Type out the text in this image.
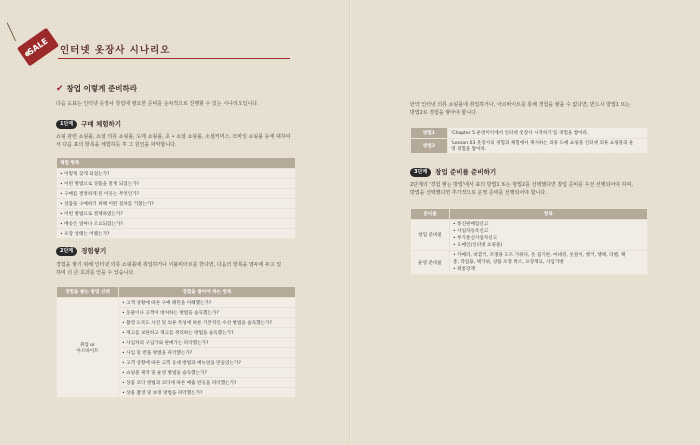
SALE	인터넷 옷장사 시나리오
✔ 창업 이렇게 준비하라
다음 도표는 인터넷 옷장사 창업에 필요한 준비를 순차적으로 진행할 수 있는 시나리오입니다.
1단계 구매 체험하기
쇼핑 관련 쇼핑몰, 쇼셜 의류 쇼핑몰, 도매 쇼핑몰, 초 • 쇼셜 쇼핑몰, 소셜커머스, 모바일 쇼핑몰 등에 대하여
서 다음 표의 항목을 체험하듯 후 그 원인을 파악합니다.
체험 항목
• 이렇게 찾게 되었는가?
• 어떤 방법으로 상품을 알게 되었는가?
• 구매를 결정하게 된 이유는 무엇인가?
• 상품을 구매하기 위해 어떤 절차를 거쳤는가?
• 어떤 방법으로 결제하였는가?
• 배송은 얼마나 소요되었는가?
• 포장 상태는 어땠는가?
2단계 경험쌓기
경험을 쌓기 위해 인터넷 의류 쇼핑몰에 취업하거나 이불비아르를 한다면, 다음의 항목을 염두에 두고 일
하며 더 큰 효과를 얻을 수 있습니다.
경험을 쌓는 방법 선택	경험을 쌓아야 하는 항목

취업 or
아르바이트	• 고객 상황에 따른 구매 패턴을 이해했는가?
	• 동물이나 고객이 대처하는 방법을 습득했는가?
	• 촬영 도록도 사진 및 의류 특성에 따른 기본적인 수선 방법을 습득했는가?
	• 재고를 보관하고 재고를 정리하는 방법을 습득했는가?
	• 사입처의 구입가와 판매가는 파악했는가?
	• 사입 및 반품 방법을 파악했는가?
	• 고객 상황에 따른 고객 응대 방법과 매뉴얼을 만들었는가?
	• 쇼핑몰 제작 및 운영 방법을 습득했는가?
	• 상품 코디 방법과 코디에 따른 매출 반응을 파악했는가?
	• 상품 촬영 및 보정 방법을 파악했는가?
만약 인터넷 의류 쇼핑몰에 취업하거나, 아르바이트를 통해 경험을 쌓을 수 없다면, 반드시 방법1 또는
방법2로 경험을 쌓아야 합니다.
방법1	'Chapter 5 운영이익에서 인터넷 옷장사 시작하기'를 경험을 쌓아라.

방법2	'Lesson 03 옷장사의 경험과 체험에서 제시하는 의류 도매 쇼핑몰 인터넷 의류 쇼핑몰의 운
영 경험을 쌓아라.
3단계 창업 준비를 준비하기
2단계의 '경험 쌓는 방법'에서 표의 방법1 또는 방법2를 선택했다면 창업 준비를 우선 선행되어야 하며,
방법을 선택했다면 추가적으로 운영 준비를 선행되어야 합니다.
준비물	항목
창업 준비물	• 통신판매업신고
• 사업자등록신고
• 부가통신사업자신고
• 도메인(인터넷 쇼핑몰)

운영 준비물	• 카메라, 바깥기, 조명용 도트 가위다, 옷 집기판, 마네킹, 옷걸이, 행거, 행택, 라벨, 택
총, 작업용, 택가위, 상품 포장 박스, 포장재료, 사입가방
• 퀵통장재
